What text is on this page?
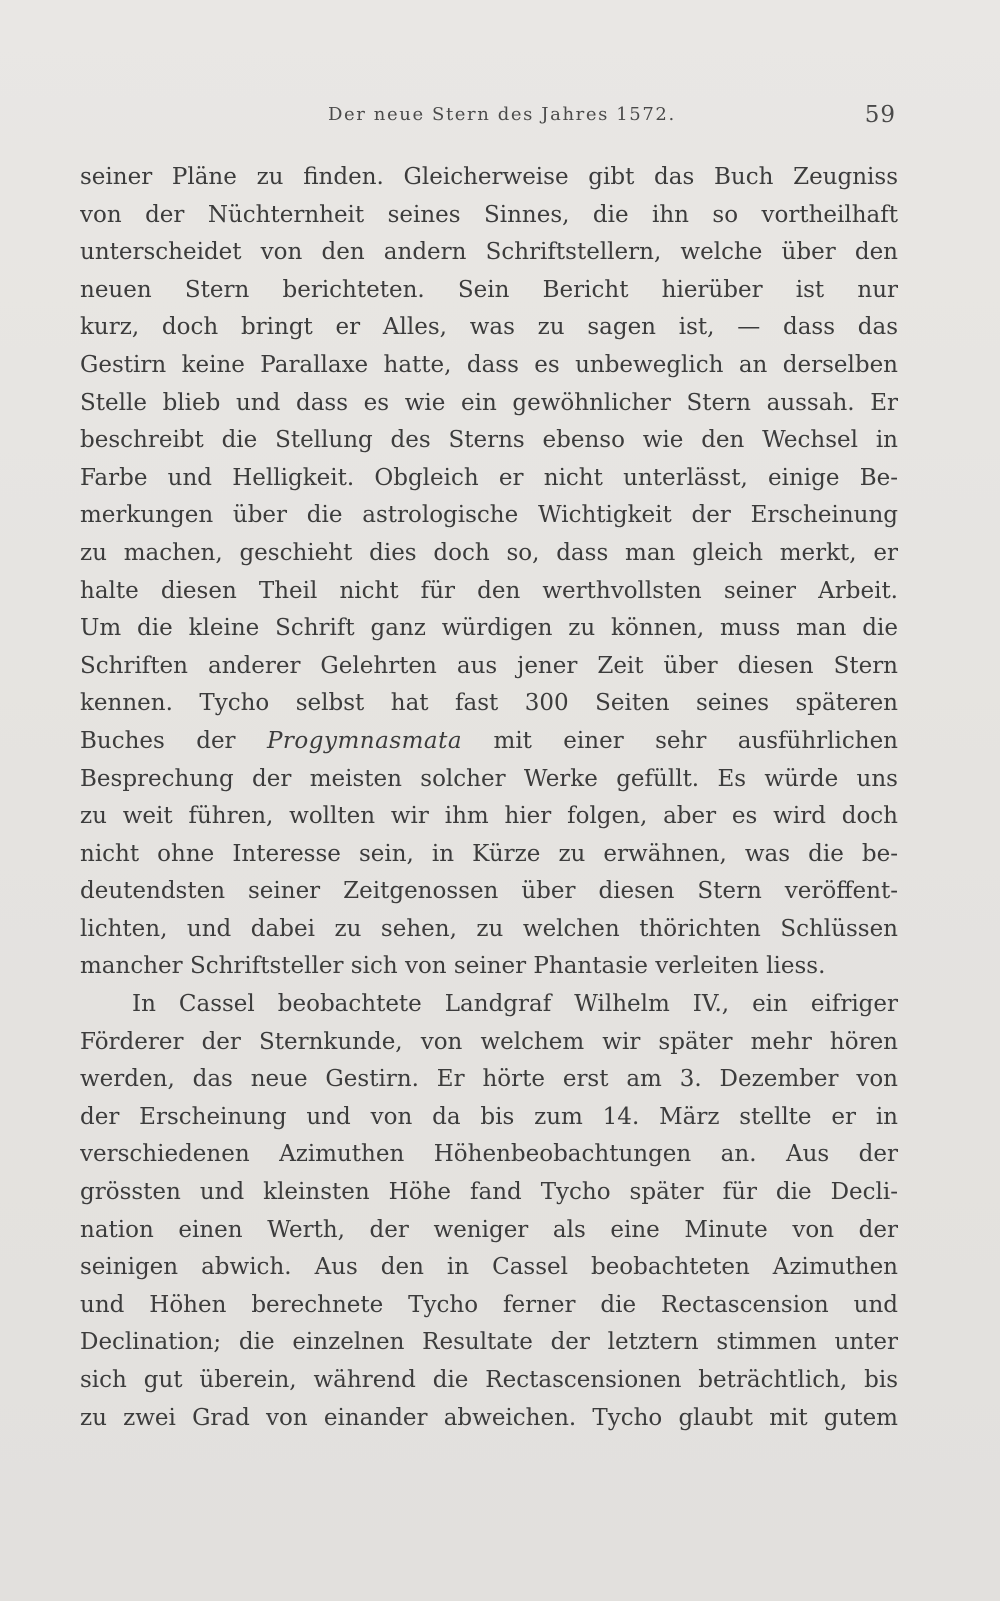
Der neue Stern des Jahres 1572.	59
seiner Pläne zu finden. Gleicherweise gibt das Buch Zeugniss
von der Nüchternheit seines Sinnes, die ihn so vortheilhaft
unterscheidet von den andern Schriftstellern, welche über den
neuen Stern berichteten. Sein Bericht hierüber ist nur
kurz, doch bringt er Alles, was zu sagen ist, — dass das
Gestirn keine Parallaxe hatte, dass es unbeweglich an derselben
Stelle blieb und dass es wie ein gewöhnlicher Stern aussah. Er
beschreibt die Stellung des Sterns ebenso wie den Wechsel in
Farbe und Helligkeit. Obgleich er nicht unterlässt, einige Be-
merkungen über die astrologische Wichtigkeit der Erscheinung
zu machen, geschieht dies doch so, dass man gleich merkt, er
halte diesen Theil nicht für den werthvollsten seiner Arbeit.
Um die kleine Schrift ganz würdigen zu können, muss man die
Schriften anderer Gelehrten aus jener Zeit über diesen Stern
kennen. Tycho selbst hat fast 300 Seiten seines späteren
Buches der Progymnasmata mit einer sehr ausführlichen
Besprechung der meisten solcher Werke gefüllt. Es würde uns
zu weit führen, wollten wir ihm hier folgen, aber es wird doch
nicht ohne Interesse sein, in Kürze zu erwähnen, was die be-
deutendsten seiner Zeitgenossen über diesen Stern veröffent-
lichten, und dabei zu sehen, zu welchen thörichten Schlüssen
mancher Schriftsteller sich von seiner Phantasie verleiten liess.
In Cassel beobachtete Landgraf Wilhelm IV., ein eifriger
Förderer der Sternkunde, von welchem wir später mehr hören
werden, das neue Gestirn. Er hörte erst am 3. Dezember von
der Erscheinung und von da bis zum 14. März stellte er in
verschiedenen Azimuthen Höhenbeobachtungen an. Aus der
grössten und kleinsten Höhe fand Tycho später für die Decli-
nation einen Werth, der weniger als eine Minute von der
seinigen abwich. Aus den in Cassel beobachteten Azimuthen
und Höhen berechnete Tycho ferner die Rectascension und
Declination; die einzelnen Resultate der letztern stimmen unter
sich gut überein, während die Rectascensionen beträchtlich, bis
zu zwei Grad von einander abweichen. Tycho glaubt mit gutem
